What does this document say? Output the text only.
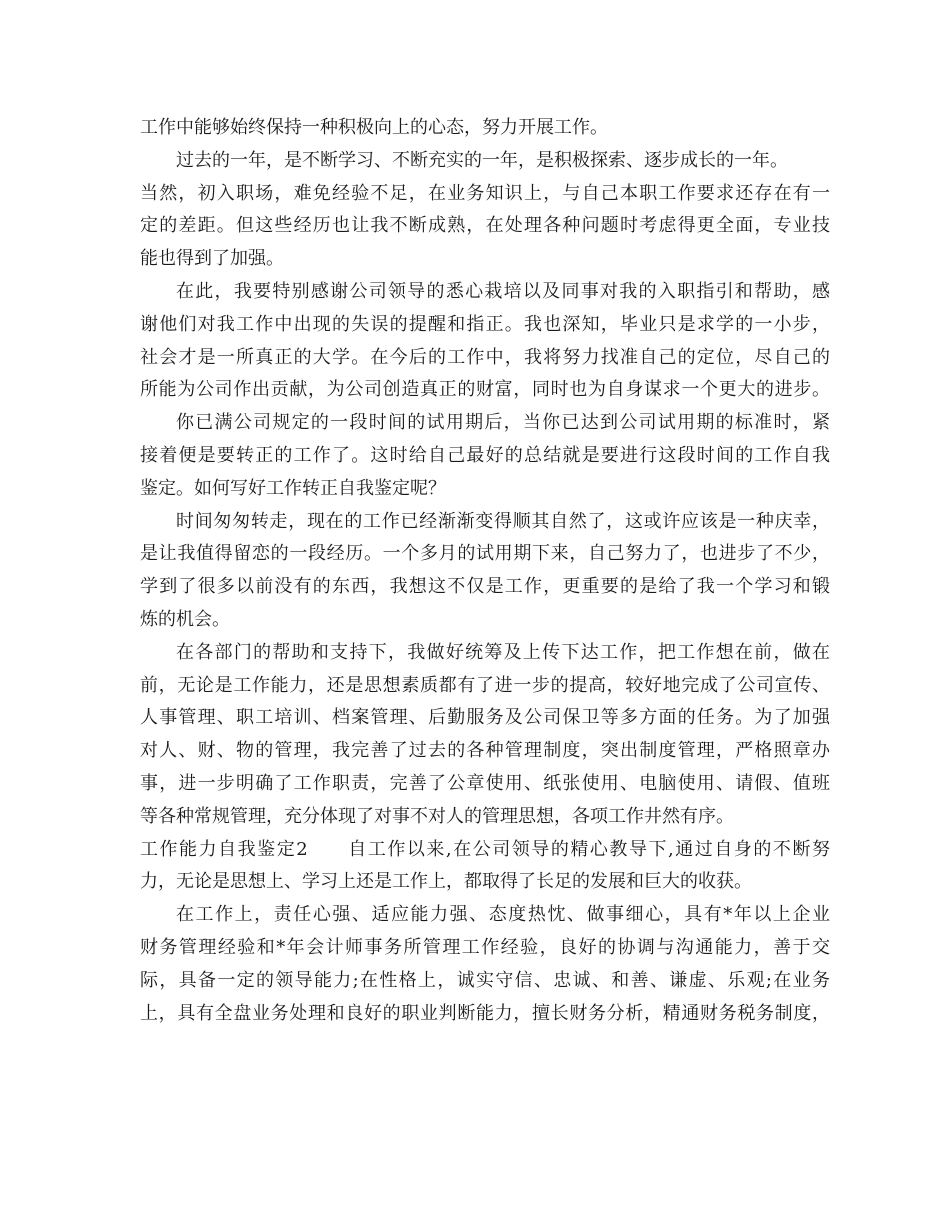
工作中能够始终保持一种积极向上的心态，努力开展工作。
过去的一年，是不断学习、不断充实的一年，是积极探索、逐步成长的一年。
当然，初入职场，难免经验不足，在业务知识上，与自己本职工作要求还存在有一
定的差距。但这些经历也让我不断成熟，在处理各种问题时考虑得更全面，专业技
能也得到了加强。
在此，我要特别感谢公司领导的悉心栽培以及同事对我的入职指引和帮助，感
谢他们对我工作中出现的失误的提醒和指正。我也深知，毕业只是求学的一小步，
社会才是一所真正的大学。在今后的工作中，我将努力找准自己的定位，尽自己的
所能为公司作出贡献，为公司创造真正的财富，同时也为自身谋求一个更大的进步。
你已满公司规定的一段时间的试用期后，当你已达到公司试用期的标准时，紧
接着便是要转正的工作了。这时给自己最好的总结就是要进行这段时间的工作自我
鉴定。如何写好工作转正自我鉴定呢？
时间匆匆转走，现在的工作已经渐渐变得顺其自然了，这或许应该是一种庆幸，
是让我值得留恋的一段经历。一个多月的试用期下来，自己努力了，也进步了不少，
学到了很多以前没有的东西，我想这不仅是工作，更重要的是给了我一个学习和锻
炼的机会。
在各部门的帮助和支持下，我做好统筹及上传下达工作，把工作想在前，做在
前，无论是工作能力，还是思想素质都有了进一步的提高，较好地完成了公司宣传、
人事管理、职工培训、档案管理、后勤服务及公司保卫等多方面的任务。为了加强
对人、财、物的管理，我完善了过去的各种管理制度，突出制度管理，严格照章办
事，进一步明确了工作职责，完善了公章使用、纸张使用、电脑使用、请假、值班
等各种常规管理，充分体现了对事不对人的管理思想，各项工作井然有序。
工作能力自我鉴定2　　自工作以来,在公司领导的精心教导下,通过自身的不断努
力，无论是思想上、学习上还是工作上，都取得了长足的发展和巨大的收获。
在工作上，责任心强、适应能力强、态度热忱、做事细心，具有*年以上企业
财务管理经验和*年会计师事务所管理工作经验，良好的协调与沟通能力，善于交
际，具备一定的领导能力;在性格上，诚实守信、忠诚、和善、谦虚、乐观;在业务
上，具有全盘业务处理和良好的职业判断能力，擅长财务分析，精通财务税务制度，
